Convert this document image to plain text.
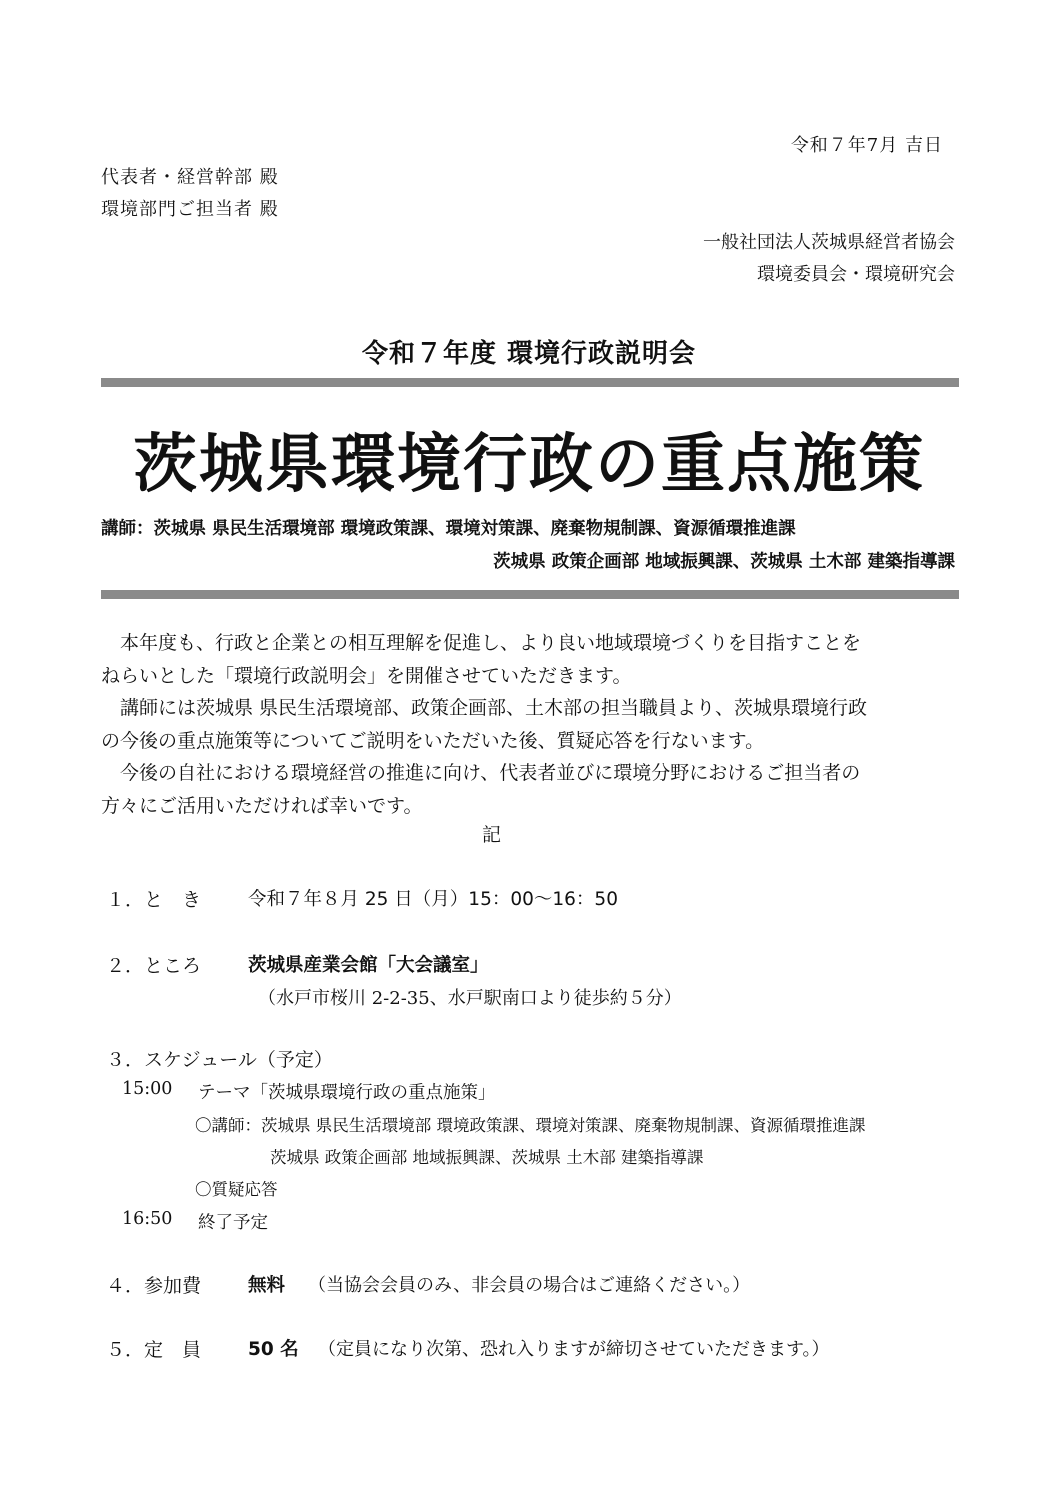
令和７年7月 吉日
代表者・経営幹部 殿
環境部門ご担当者 殿
一般社団法人茨城県経営者協会
環境委員会・環境研究会
令和７年度 環境行政説明会
茨城県環境行政の重点施策
講師：茨城県 県民生活環境部 環境政策課、環境対策課、廃棄物規制課、資源循環推進課
茨城県 政策企画部 地域振興課、茨城県 土木部 建築指導課
本年度も、行政と企業との相互理解を促進し、より良い地域環境づくりを目指すことを
ねらいとした「環境行政説明会」を開催させていただきます。
講師には茨城県 県民生活環境部、政策企画部、土木部の担当職員より、茨城県環境行政
の今後の重点施策等についてご説明をいただいた後、質疑応答を行ないます。
今後の自社における環境経営の推進に向け、代表者並びに環境分野におけるご担当者の
方々にご活用いただければ幸いです。
記
１．と　き	令和７年８月 25 日（月）15：00～16：50
２．ところ	茨城県産業会館「大会議室」
（水戸市桜川 2-2-35、水戸駅南口より徒歩約５分）
３．スケジュール（予定）
15:00 テーマ「茨城県環境行政の重点施策」
〇講師：茨城県 県民生活環境部 環境政策課、環境対策課、廃棄物規制課、資源循環推進課
茨城県 政策企画部 地域振興課、茨城県 土木部 建築指導課
〇質疑応答
16:50 終了予定
４．参加費	無料 （当協会会員のみ、非会員の場合はご連絡ください。）
５．定　員	50 名 （定員になり次第、恐れ入りますが締切させていただきます。）
